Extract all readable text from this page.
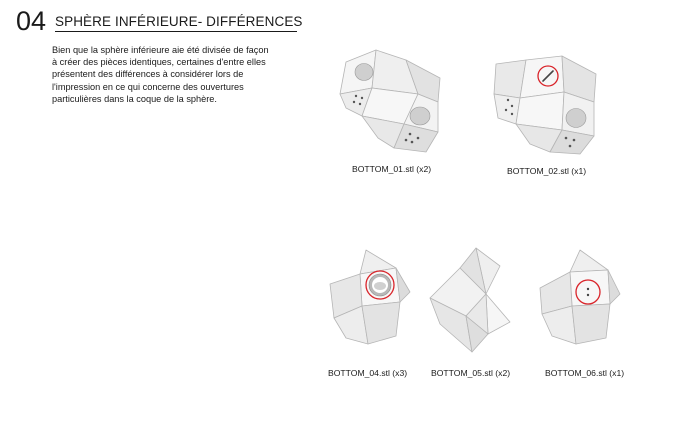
04 SPHÈRE INFÉRIEURE- DIFFÉRENCES
Bien que la sphère inférieure aie été divisée de façon à créer des pièces identiques, certaines d'entre elles présentent des différences à considérer lors de l'impression en ce qui concerne des ouvertures particulières dans la coque de la sphère.
BOTTOM_01.stl (x2)	BOTTOM_02.stl (x1)
BOTTOM_04.stl (x3)	BOTTOM_05.stl (x2)	BOTTOM_06.stl (x1)
